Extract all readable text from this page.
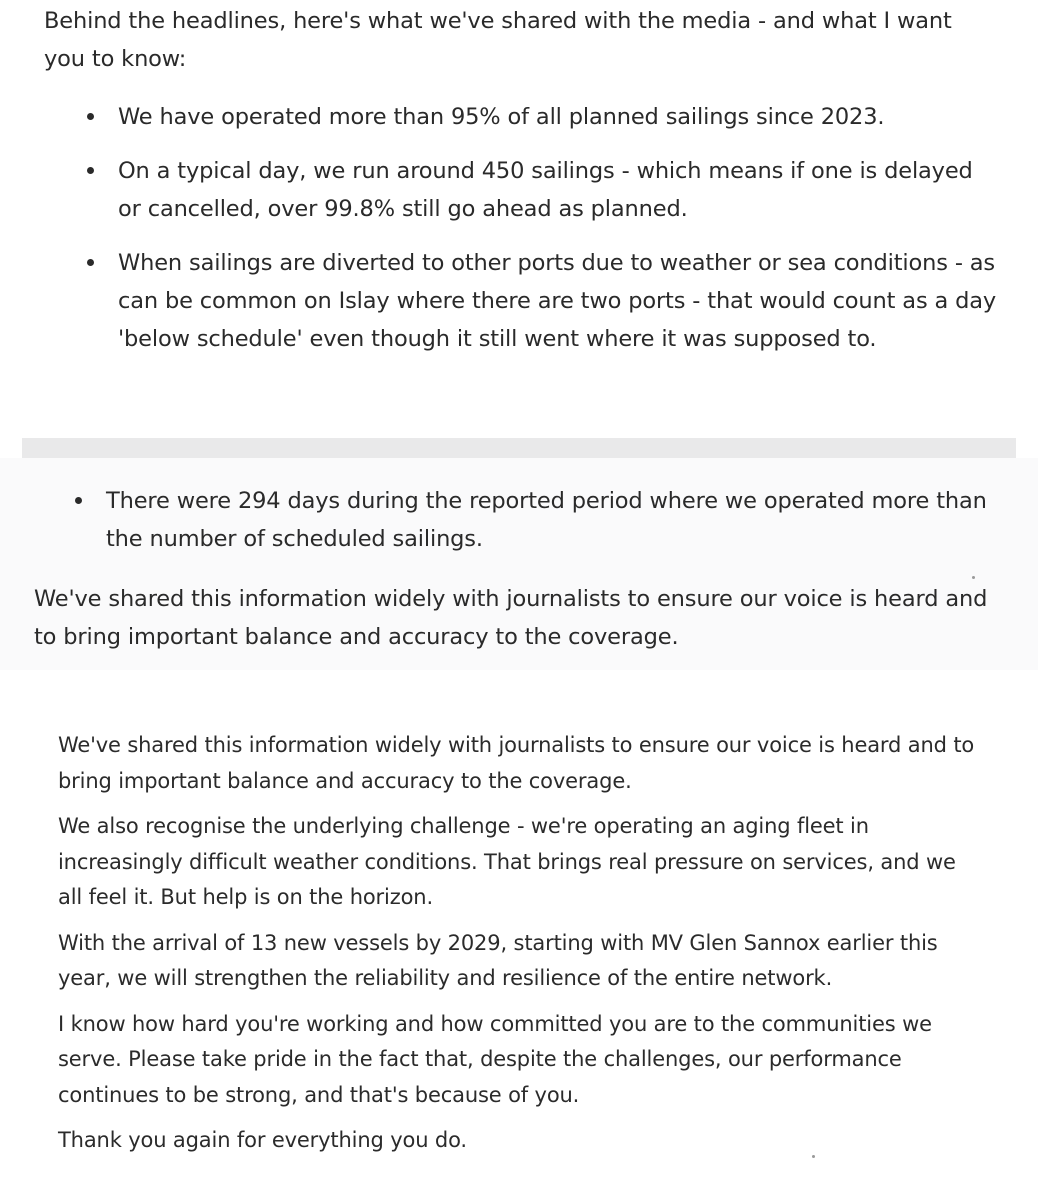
Behind the headlines, here's what we've shared with the media - and what I want you to know:

We have operated more than 95% of all planned sailings since 2023.
On a typical day, we run around 450 sailings - which means if one is delayed or cancelled, over 99.8% still go ahead as planned.
When sailings are diverted to other ports due to weather or sea conditions - as can be common on Islay where there are two ports - that would count as a day 'below schedule' even though it still went where it was supposed to.
There were 294 days during the reported period where we operated more than the number of scheduled sailings.

We've shared this information widely with journalists to ensure our voice is heard and to bring important balance and accuracy to the coverage.

We've shared this information widely with journalists to ensure our voice is heard and to bring important balance and accuracy to the coverage.

We also recognise the underlying challenge - we're operating an aging fleet in increasingly difficult weather conditions. That brings real pressure on services, and we all feel it. But help is on the horizon.

With the arrival of 13 new vessels by 2029, starting with MV Glen Sannox earlier this year, we will strengthen the reliability and resilience of the entire network.

I know how hard you're working and how committed you are to the communities we serve. Please take pride in the fact that, despite the challenges, our performance continues to be strong, and that's because of you.

Thank you again for everything you do.
